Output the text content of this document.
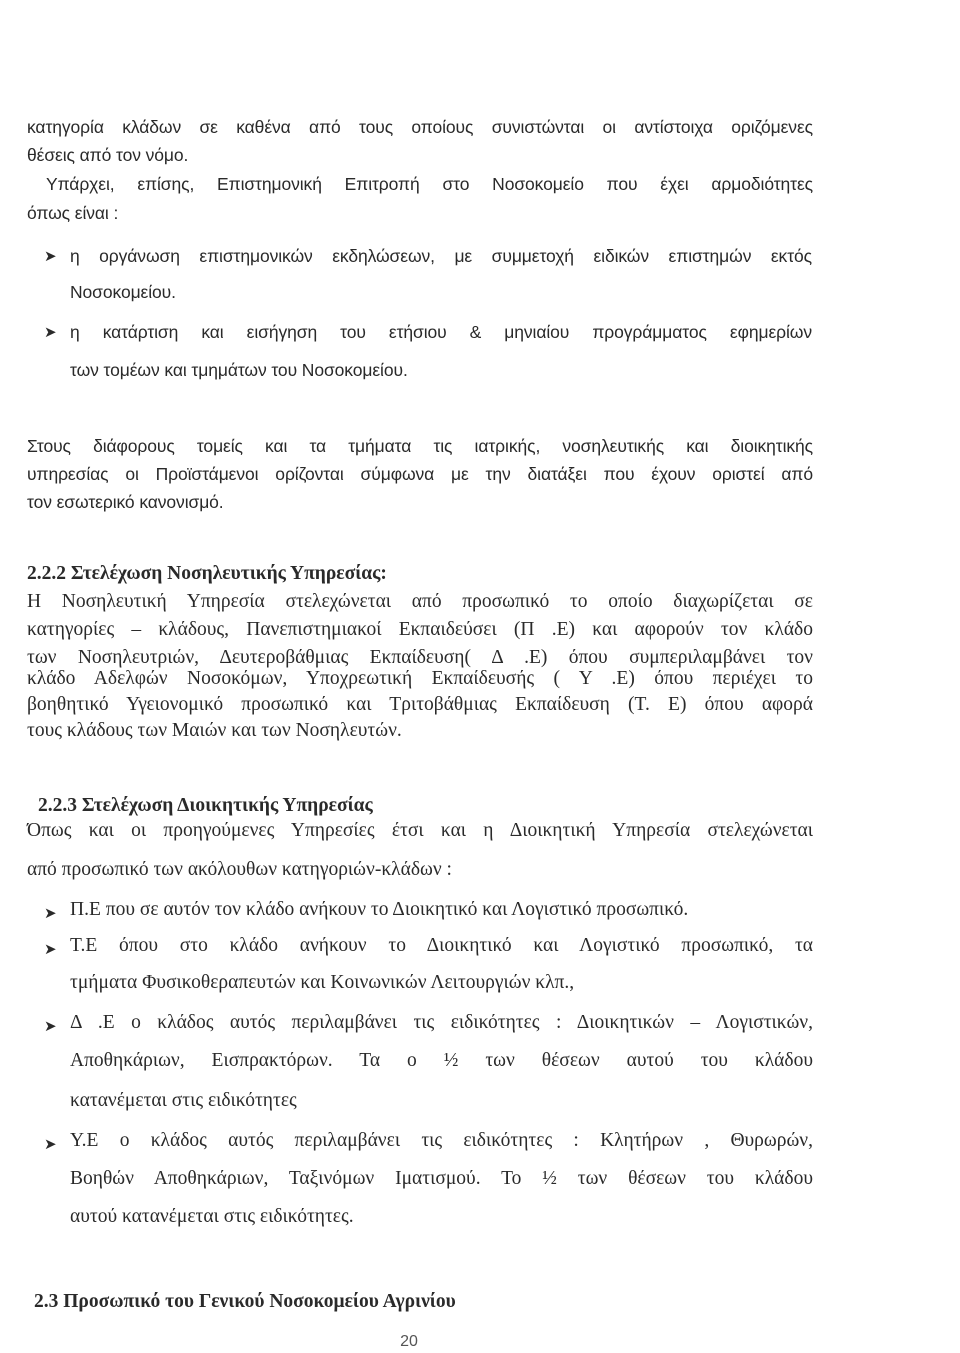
κατηγορία κλάδων σε καθένα από τους οποίους συνιστώνται οι αντίστοιχα οριζόμενες
θέσεις από τον νόμο.
Υπάρχει, επίσης, Επιστημονική Επιτροπή στο Νοσοκομείο που έχει αρμοδιότητες
όπως είναι :
➤ η οργάνωση επιστημονικών εκδηλώσεων, με συμμετοχή ειδικών επιστημών εκτός
Νοσοκομείου.
➤ η κατάρτιση και εισήγηση του ετήσιου & μηνιαίου προγράμματος εφημερίων
των τομέων και τμημάτων του Νοσοκομείου.
Στους διάφορους τομείς και τα τμήματα τις ιατρικής, νοσηλευτικής και διοικητικής
υπηρεσίας οι Προϊστάμενοι ορίζονται σύμφωνα με την διατάξει που έχουν οριστεί από
τον εσωτερικό κανονισμό.
2.2.2 Στελέχωση Νοσηλευτικής Υπηρεσίας:
Η Νοσηλευτική Υπηρεσία στελεχώνεται από προσωπικό το οποίο διαχωρίζεται σε
κατηγορίες – κλάδους, Πανεπιστημιακοί Εκπαιδεύσει (Π .Ε) και αφορούν τον κλάδο
των Νοσηλευτριών, Δευτεροβάθμιας Εκπαίδευση( Δ .Ε) όπου συμπεριλαμβάνει τον
κλάδο Αδελφών Νοσοκόμων, Υποχρεωτική Εκπαίδευσής ( Υ .Ε) όπου περιέχει το
βοηθητικό Υγειονομικό προσωπικό και Τριτοβάθμιας Εκπαίδευση (Τ. Ε) όπου αφορά
τους κλάδους των Μαιών και των Νοσηλευτών.
2.2.3 Στελέχωση Διοικητικής Υπηρεσίας
Όπως και οι προηγούμενες Υπηρεσίες έτσι και η Διοικητική Υπηρεσία στελεχώνεται
από προσωπικό των ακόλουθων κατηγοριών-κλάδων :
➤ Π.Ε που σε αυτόν τον κλάδο ανήκουν το Διοικητικό και Λογιστικό προσωπικό.
➤ Τ.Ε όπου στο κλάδο ανήκουν το Διοικητικό και Λογιστικό προσωπικό, τα
τμήματα Φυσικοθεραπευτών και Κοινωνικών Λειτουργιών κλπ.,
➤ Δ .Ε ο κλάδος αυτός περιλαμβάνει τις ειδικότητες : Διοικητικών – Λογιστικών,
Αποθηκάριων, Εισπρακτόρων. Τα ο ½ των θέσεων αυτού του κλάδου
κατανέμεται στις ειδικότητες
➤ Υ.Ε ο κλάδος αυτός περιλαμβάνει τις ειδικότητες : Κλητήρων , Θυρωρών,
Βοηθών Αποθηκάριων, Ταξινόμων Ιματισμού. Το ½ των θέσεων του κλάδου
αυτού κατανέμεται στις ειδικότητες.
2.3 Προσωπικό του Γενικού Νοσοκομείου Αγρινίου
20
